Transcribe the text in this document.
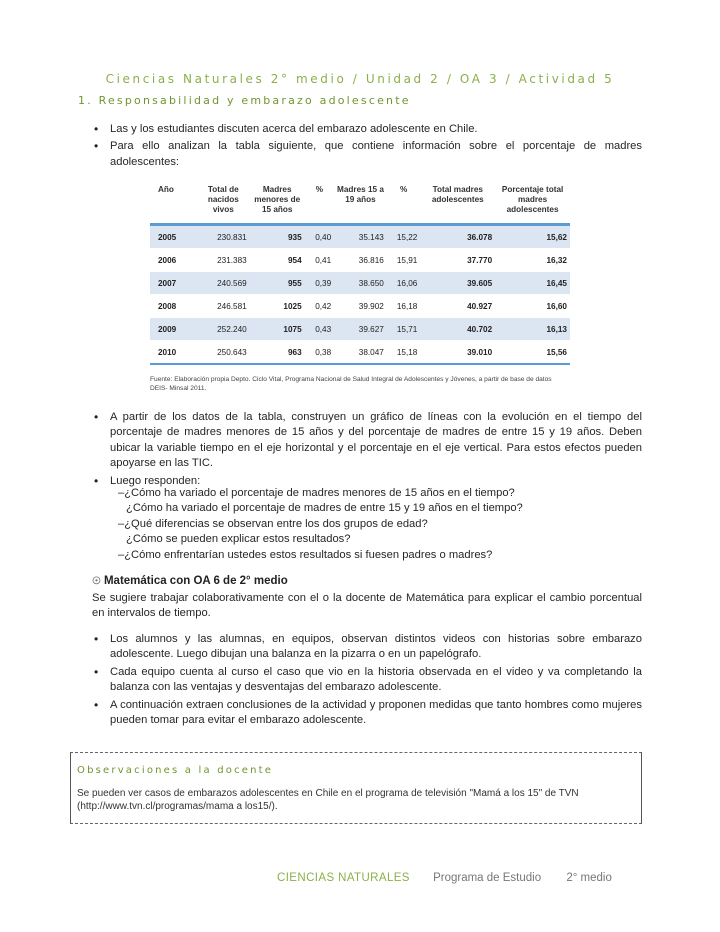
Ciencias Naturales 2° medio / Unidad 2 / OA 3 / Actividad 5
1. Responsabilidad y embarazo adolescente
• Las y los estudiantes discuten acerca del embarazo adolescente en Chile.
• Para ello analizan la tabla siguiente, que contiene información sobre el porcentaje de madres adolescentes:
Año	Total de nacidos vivos	Madres menores de 15 años	%	Madres 15 a 19 años	%	Total madres adolescentes	Porcentaje total madres adolescentes
2005	230.831	935	0,40	35.143	15,22	36.078	15,62
2006	231.383	954	0,41	36.816	15,91	37.770	16,32
2007	240.569	955	0,39	38.650	16,06	39.605	16,45
2008	246.581	1025	0,42	39.902	16,18	40.927	16,60
2009	252.240	1075	0,43	39.627	15,71	40.702	16,13
2010	250.643	963	0,38	38.047	15,18	39.010	15,56
Fuente: Elaboración propia Depto. Ciclo Vital, Programa Nacional de Salud Integral de Adolescentes y Jóvenes, a partir de base de datos DEIS- Minsal 2011.
• A partir de los datos de la tabla, construyen un gráfico de líneas con la evolución en el tiempo del porcentaje de madres menores de 15 años y del porcentaje de madres de entre 15 y 19 años. Deben ubicar la variable tiempo en el eje horizontal y el porcentaje en el eje vertical. Para estos efectos pueden apoyarse en las TIC.
• Luego responden:
–¿Cómo ha variado el porcentaje de madres menores de 15 años en el tiempo?
¿Cómo ha variado el porcentaje de madres de entre 15 y 19 años en el tiempo?
–¿Qué diferencias se observan entre los dos grupos de edad?
¿Cómo se pueden explicar estos resultados?
–¿Cómo enfrentarían ustedes estos resultados si fuesen padres o madres?
☉ Matemática con OA 6 de 2° medio

Se sugiere trabajar colaborativamente con el o la docente de Matemática para explicar el cambio porcentual en intervalos de tiempo.

• Los alumnos y las alumnas, en equipos, observan distintos videos con historias sobre embarazo adolescente. Luego dibujan una balanza en la pizarra o en un papelógrafo.
• Cada equipo cuenta al curso el caso que vio en la historia observada en el video y va completando la balanza con las ventajas y desventajas del embarazo adolescente.
• A continuación extraen conclusiones de la actividad y proponen medidas que tanto hombres como mujeres pueden tomar para evitar el embarazo adolescente.
Observaciones a la docente
Se pueden ver casos de embarazos adolescentes en Chile en el programa de televisión "Mamá a los 15" de TVN (http://www.tvn.cl/programas/mama a los15/).
CIENCIAS NATURALES Programa de Estudio 2° medio
